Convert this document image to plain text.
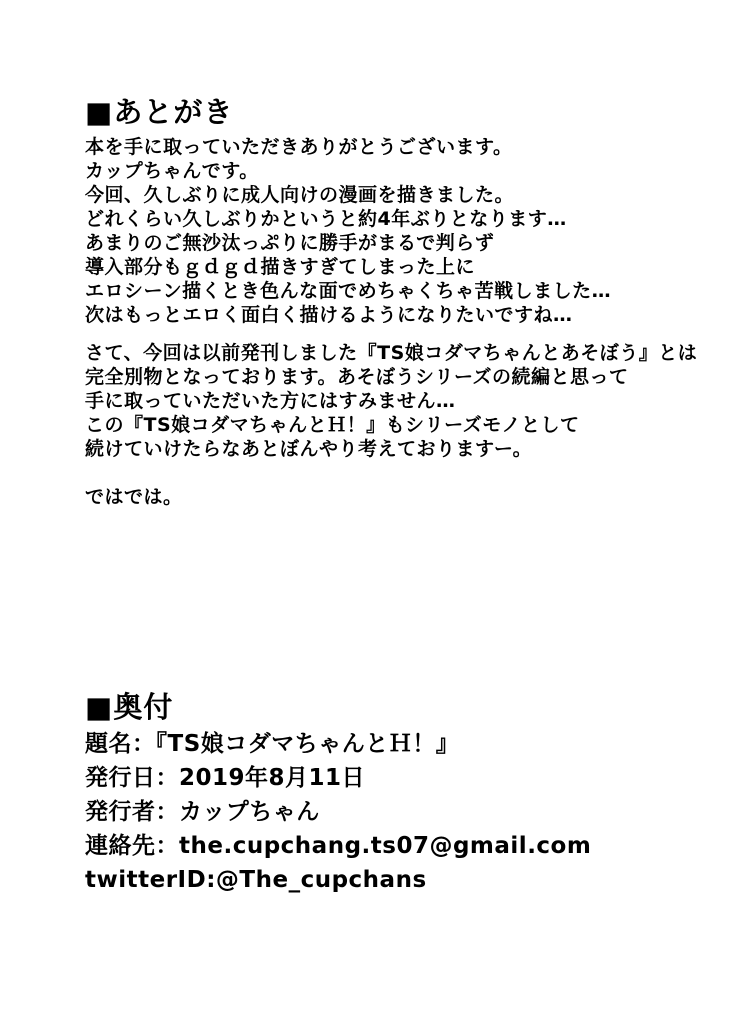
■あとがき
本を手に取っていただきありがとうございます。
カップちゃんです。
今回、久しぶりに成人向けの漫画を描きました。
どれくらい久しぶりかというと約4年ぶりとなります…
あまりのご無沙汰っぷりに勝手がまるで判らず
導入部分もｇｄｇｄ描きすぎてしまった上に
エロシーン描くとき色んな面でめちゃくちゃ苦戦しました…
次はもっとエロく面白く描けるようになりたいですね…
さて、今回は以前発刊しました『TS娘コダマちゃんとあそぼう』とは
完全別物となっております。あそぼうシリーズの続編と思って
手に取っていただいた方にはすみません…
この『TS娘コダマちゃんとＨ！』もシリーズモノとして
続けていけたらなあとぼんやり考えておりますー。
ではでは。
■奥付
題名：『TS娘コダマちゃんとＨ！』
発行日：2019年8月11日
発行者：カップちゃん
連絡先：the.cupchang.ts07@gmail.com
twitterID:@The_cupchans
